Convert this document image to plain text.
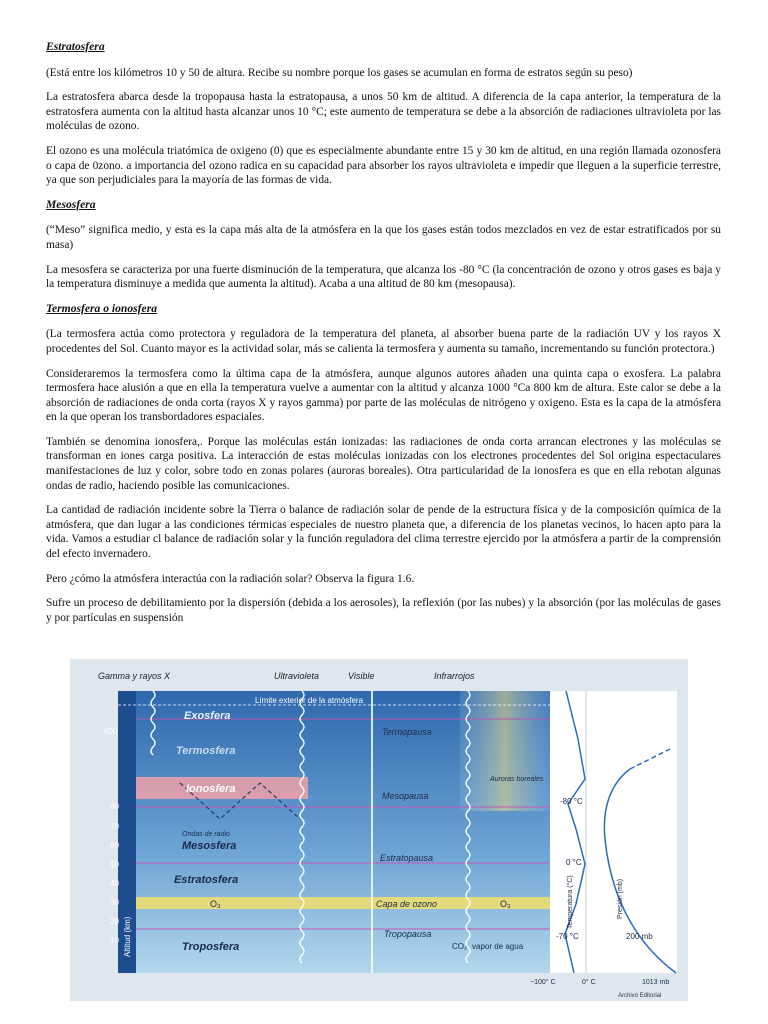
Estratosfera
(Está entre los kilómetros 10 y 50 de altura. Recibe su nombre porque los gases se acumulan en forma de estratos según su peso)
La estratosfera abarca desde la tropopausa hasta la estratopausa, a unos 50 km de altitud. A diferencia de la capa anterior, la temperatura de la estratosfera aumenta con la altitud hasta alcanzar unos 10 °C; este aumento de temperatura se debe a la absorción de radiaciones ultravioleta por las moléculas de ozono.
El ozono es una molécula triatómica de oxigeno (0) que es especialmente abundante entre 15 y 30 km de altitud, en una región llamada ozonosfera o capa de 0zono. a importancia del ozono radica en su capacidad para absorber los rayos ultravioleta e impedir que lleguen a la superficie terrestre, ya que son perjudiciales para la mayoría de las formas de vida.
Mesosfera
(“Meso” significa medio, y esta es la capa más alta de la atmósfera en la que los gases están todos mezclados en vez de estar estratificados por su masa)
La mesosfera se caracteriza por una fuerte disminución de la temperatura, que alcanza los -80 °C (la concentración de ozono y otros gases es baja y la temperatura disminuye a medida que aumenta la altitud). Acaba a una altitud de 80 km (mesopausa).
Termosfera o ionosfera
(La termosfera actúa como protectora y reguladora de la temperatura del planeta, al absorber buena parte de la radiación UV y los rayos X procedentes del Sol. Cuanto mayor es la actividad solar, más se calienta la termosfera y aumenta su tamaño, incrementando su función protectora.)
Consideraremos la termosfera como la última capa de la atmósfera, aunque algunos autores añaden una quinta capa o exosfera. La palabra termosfera hace alusión a que en ella la temperatura vuelve a aumentar con la altitud y alcanza 1000 °Ca 800 km de altura. Este calor se debe a la absorción de radiaciones de onda corta (rayos X y rayos gamma) por parte de las moléculas de nitrógeno y oxigeno. Esta es la capa de la atmósfera en la que operan los transbordadores espaciales.
También se denomina ionosfera,. Porque las moléculas están ionizadas: las radiaciones de onda corta arrancan electrones y las moléculas se transforman en iones carga positiva. La interacción de estas moléculas ionizadas con los electrones procedentes del Sol origina espectaculares manifestaciones de luz y color, sobre todo en zonas polares (auroras boreales). Otra particularidad de la ionosfera es que en ella rebotan algunas ondas de radio, haciendo posible las comunicaciones.
La cantidad de radiación incidente sobre la Tierra o balance de radiación solar de pende de la estructura física y de la composición química de la atmósfera, que dan lugar a las condiciones térmicas especiales de nuestro planeta que, a diferencia de los planetas vecinos, lo hacen apto para la vida. Vamos a estudiar cl balance de radiación solar y la función reguladora del clima terrestre ejercido por la atmósfera a partir de la comprensión del efecto invernadero.
Pero ¿cómo la atmósfera interactúa con la radiación solar? Observa la figura 1.6.
Sufre un proceso de debilitamiento por la dispersión (debida a los aerosoles), la reflexión (por las nubes) y la absorción (por las moléculas de gases y por partículas en suspensión
Gamma y rayos X	Ultravioleta	Visible	Infrarrojos
Límite exterior de la atmósfera
Exosfera
Termosfera
Ionosfera
Mesosfera
Estratosfera
Troposfera
Ondas de radio
O₃	O₃
Termopausa
Mesopausa
Estratopausa
Capa de ozono
Tropopausa
Auroras boreales
CO₂ vapor de agua
600
80
70
60
50
40
30
20
10 Altitud (km)
Temperatura (°C)	Presión (mb)
-80 °C
0 °C
-70 °C	200 mb
−100° C	0° C	1013 mb
Archivo Editorial
